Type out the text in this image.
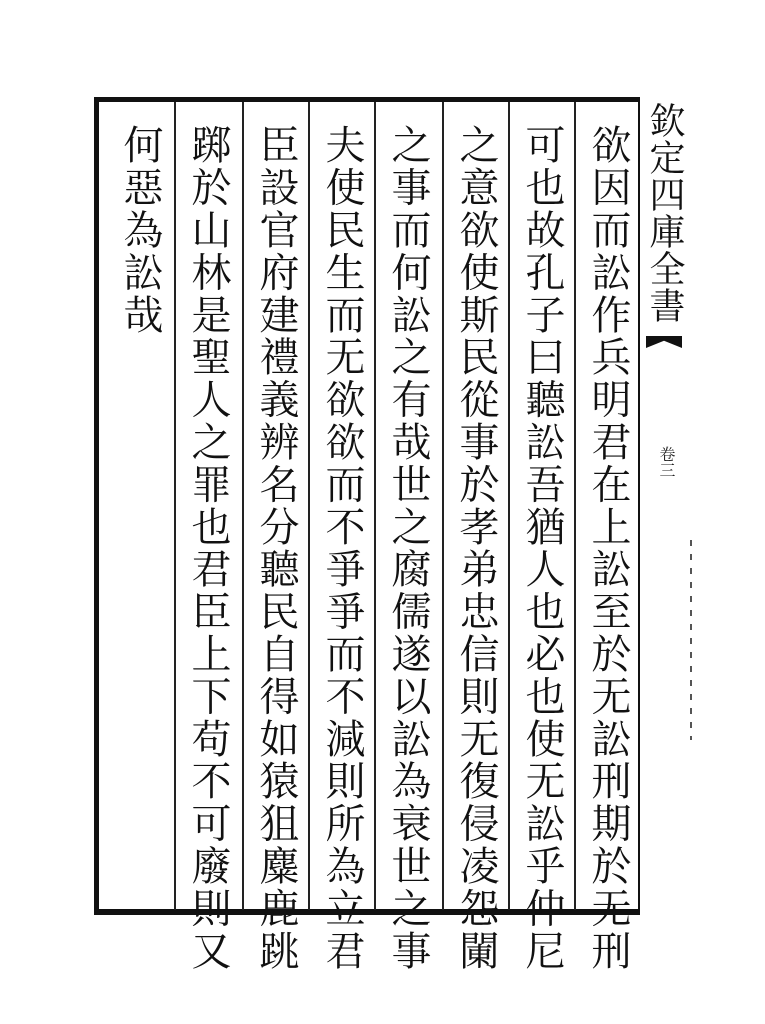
欲因而訟作兵明君在上訟至於无訟刑期於无刑
可也故孔子曰聽訟吾猶人也必也使无訟乎仲尼
之意欲使斯民從事於孝弟忠信則无復侵凌怨䦨
之事而何訟之有哉世之腐儒遂以訟為衰世之事
夫使民生而无欲欲而不爭爭而不減則所為立君
臣設官府建禮義辨名分聽民自得如猿狙麋鹿跳
踯於山林是聖人之罪也君臣上下苟不可廢則又
何惡為訟哉	欽定四庫全書
卷三
